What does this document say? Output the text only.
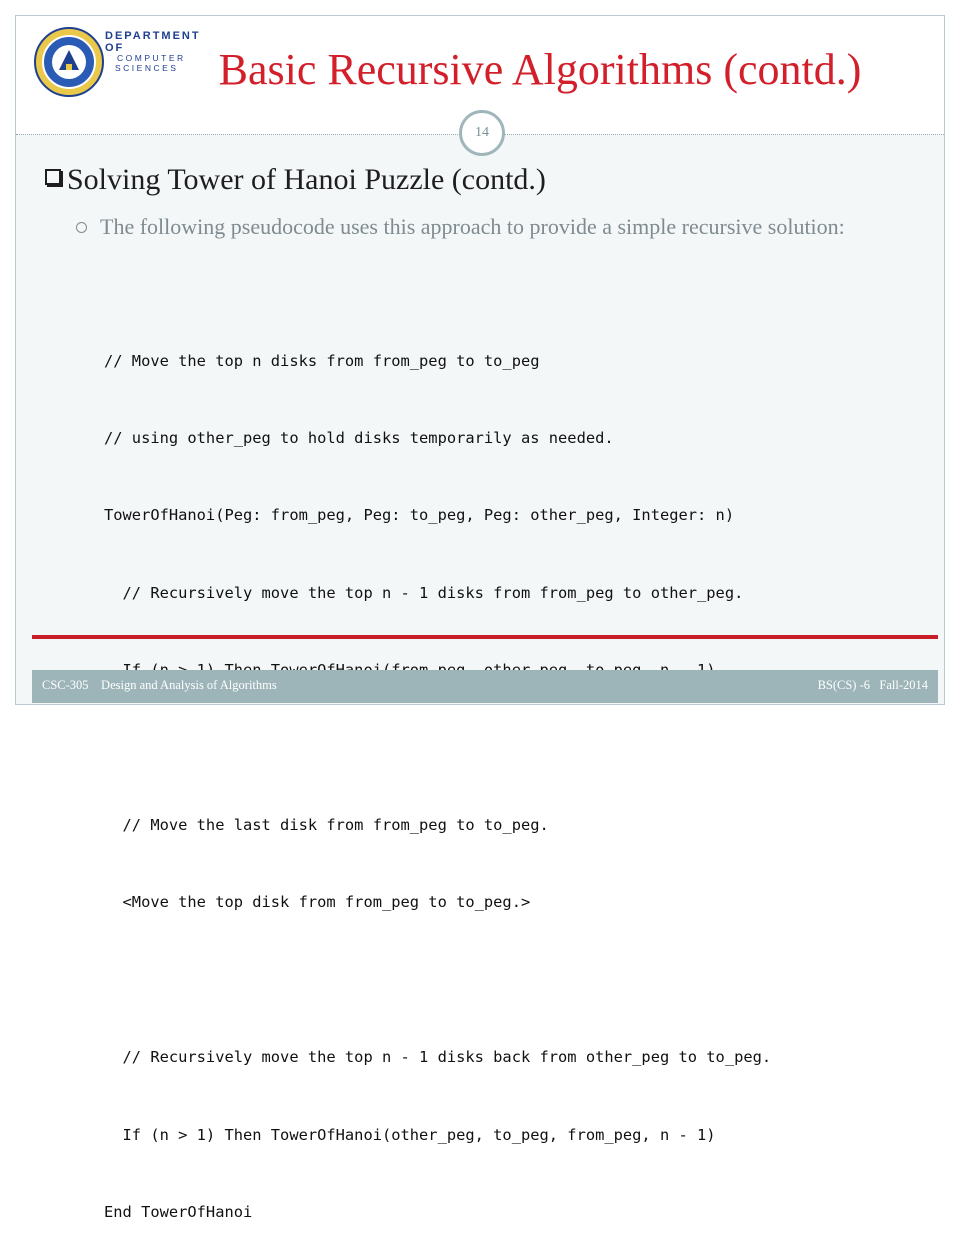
DEPARTMENT OF
COMPUTER
SCIENCES Basic Recursive Algorithms (contd.)
14
Solving Tower of Hanoi Puzzle (contd.)
The following pseudocode uses this approach to provide a simple recursive solution:

// Move the top n disks from from_peg to to_peg

// using other_peg to hold disks temporarily as needed.

TowerOfHanoi(Peg: from_peg, Peg: to_peg, Peg: other_peg, Integer: n)

// Recursively move the top n - 1 disks from from_peg to other_peg.

// Move the last disk from from_peg to to_peg.

<Move the top disk from from_peg to to_peg.>

// Recursively move the top n - 1 disks back from other_peg to to_peg.

If (n > 1) Then TowerOfHanoi(other_peg, to_peg, from_peg, n - 1)

End TowerOfHanoi

CSC-305    Design and Analysis of Algorithms	BS(CS) -6   Fall-2014
